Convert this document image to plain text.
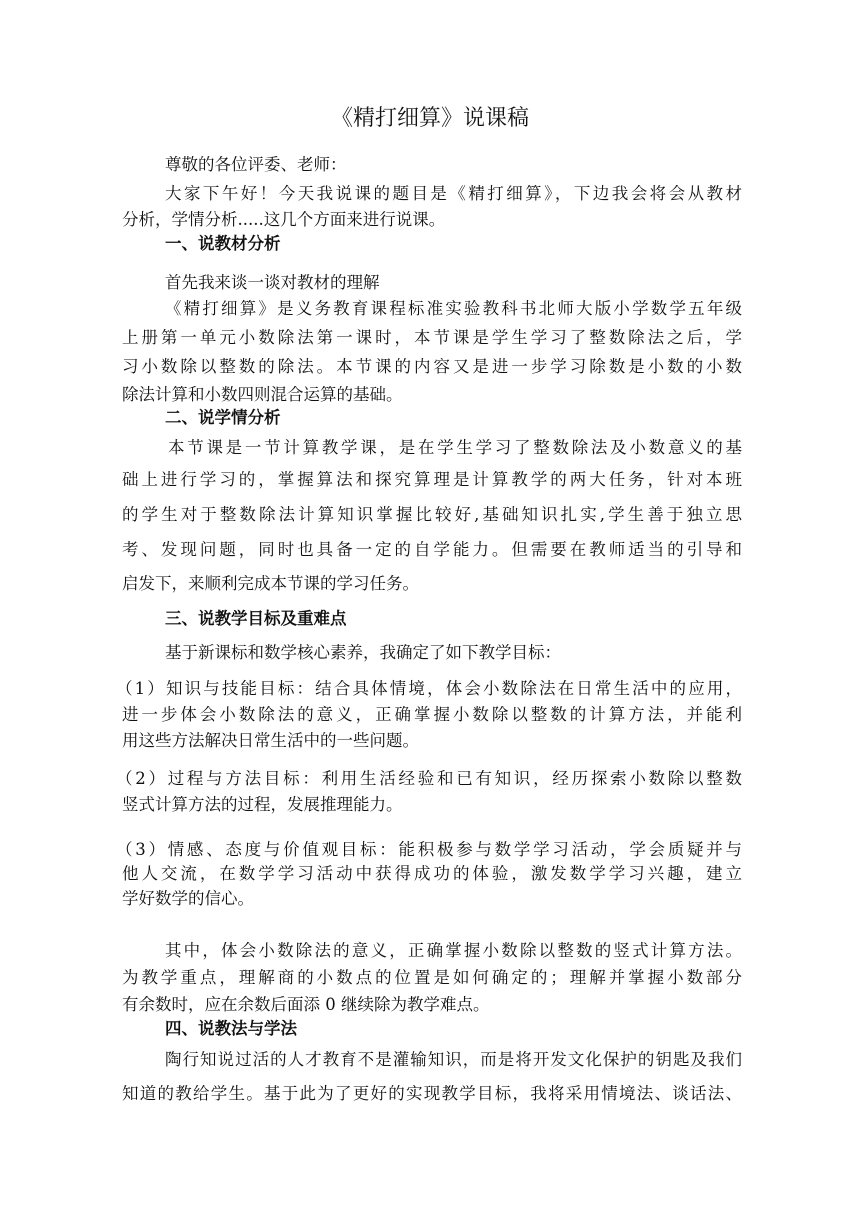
《精打细算》说课稿
尊敬的各位评委、老师：
大家下午好！今天我说课的题目是《精打细算》，下边我会将会从教材
分析，学情分析.....这几个方面来进行说课。
一、说教材分析
首先我来谈一谈对教材的理解
《精打细算》是义务教育课程标准实验教科书北师大版小学数学五年级
上册第一单元小数除法第一课时，本节课是学生学习了整数除法之后，学
习小数除以整数的除法。本节课的内容又是进一步学习除数是小数的小数
除法计算和小数四则混合运算的基础。
二、说学情分析
本节课是一节计算教学课，是在学生学习了整数除法及小数意义的基
础上进行学习的，掌握算法和探究算理是计算教学的两大任务，针对本班
的学生对于整数除法计算知识掌握比较好,基础知识扎实,学生善于独立思
考、发现问题，同时也具备一定的自学能力。但需要在教师适当的引导和
启发下，来顺利完成本节课的学习任务。
三、说教学目标及重难点
基于新课标和数学核心素养，我确定了如下教学目标：
（1）知识与技能目标：结合具体情境，体会小数除法在日常生活中的应用，
进一步体会小数除法的意义，正确掌握小数除以整数的计算方法，并能利
用这些方法解决日常生活中的一些问题。
（2）过程与方法目标：利用生活经验和已有知识，经历探索小数除以整数
竖式计算方法的过程，发展推理能力。
（3）情感、态度与价值观目标：能积极参与数学学习活动，学会质疑并与
他人交流，在数学学习活动中获得成功的体验，激发数学学习兴趣，建立
学好数学的信心。
其中，体会小数除法的意义，正确掌握小数除以整数的竖式计算方法。
为教学重点，理解商的小数点的位置是如何确定的；理解并掌握小数部分
有余数时，应在余数后面添 0 继续除为教学难点。
四、说教法与学法
陶行知说过活的人才教育不是灌输知识，而是将开发文化保护的钥匙及我们
知道的教给学生。基于此为了更好的实现教学目标，我将采用情境法、谈话法、
